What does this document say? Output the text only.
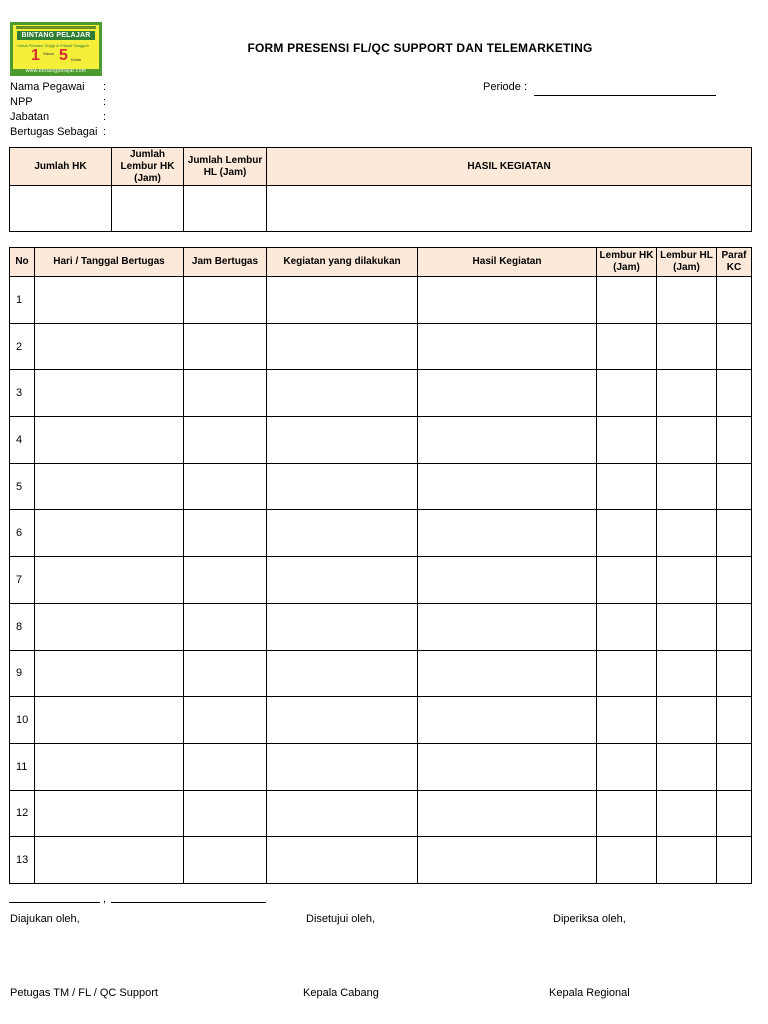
BINTANG PELAJAR
Untuk Prestasi Tinggi & Pribadi Tangguh
1 Siswa 5 Kelas
www.bintangpelajar.com
FORM PRESENSI FL/QC SUPPORT DAN TELEMARKETING
Nama Pegawai :
NPP	:
Jabatan	:
Bertugas Sebagai :
Periode :
Jumlah HK	Jumlah Lembur HK (Jam)	Jumlah Lembur HL (Jam)	HASIL KEGIATAN

No	Hari / Tanggal Bertugas	Jam Bertugas	Kegiatan yang dilakukan	Hasil Kegiatan	Lembur HK (Jam)	Lembur HL (Jam)	Paraf KC
1							
2							
3							
4							
5							
6							
7							
8							
9							
10							
11							
12							
13							
,
Diajukan oleh,	Disetujui oleh,	Diperiksa oleh,
Petugas TM / FL / QC Support	Kepala Cabang	Kepala Regional
